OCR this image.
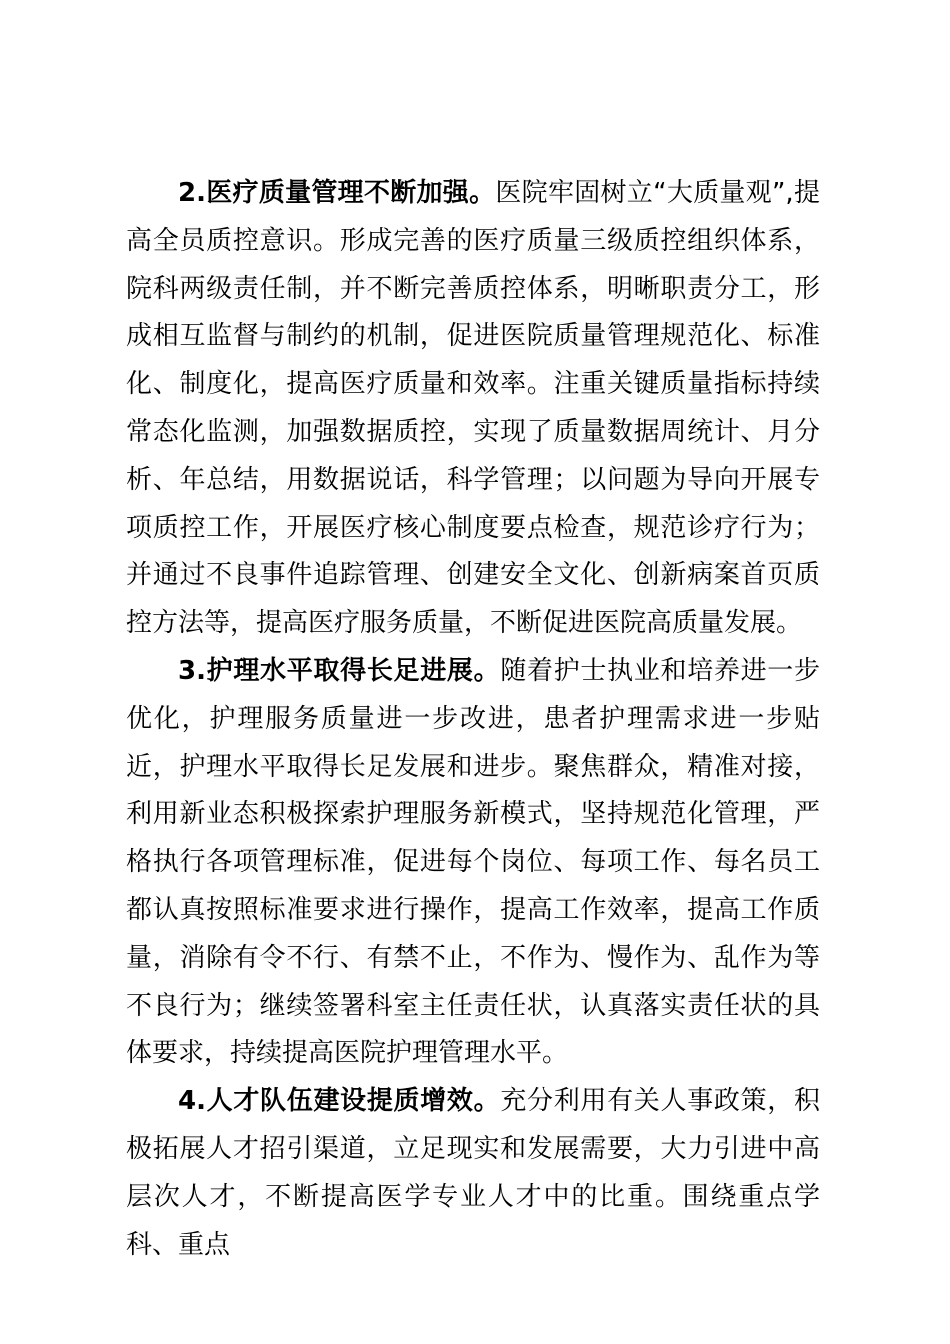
2.医疗质量管理不断加强。医院牢固树立“大质量观”,提高全员质控意识。形成完善的医疗质量三级质控组织体系，院科两级责任制，并不断完善质控体系，明晰职责分工，形成相互监督与制约的机制，促进医院质量管理规范化、标准化、制度化，提高医疗质量和效率。注重关键质量指标持续常态化监测，加强数据质控，实现了质量数据周统计、月分析、年总结，用数据说话，科学管理；以问题为导向开展专项质控工作，开展医疗核心制度要点检查，规范诊疗行为；并通过不良事件追踪管理、创建安全文化、创新病案首页质控方法等，提高医疗服务质量，不断促进医院高质量发展。

3.护理水平取得长足进展。随着护士执业和培养进一步优化，护理服务质量进一步改进，患者护理需求进一步贴近，护理水平取得长足发展和进步。聚焦群众，精准对接，利用新业态积极探索护理服务新模式，坚持规范化管理，严格执行各项管理标准，促进每个岗位、每项工作、每名员工都认真按照标准要求进行操作，提高工作效率，提高工作质量，消除有令不行、有禁不止，不作为、慢作为、乱作为等不良行为；继续签署科室主任责任状，认真落实责任状的具体要求，持续提高医院护理管理水平。

4.人才队伍建设提质增效。充分利用有关人事政策，积极拓展人才招引渠道，立足现实和发展需要，大力引进中高层次人才，不断提高医学专业人才中的比重。围绕重点学科、重点
